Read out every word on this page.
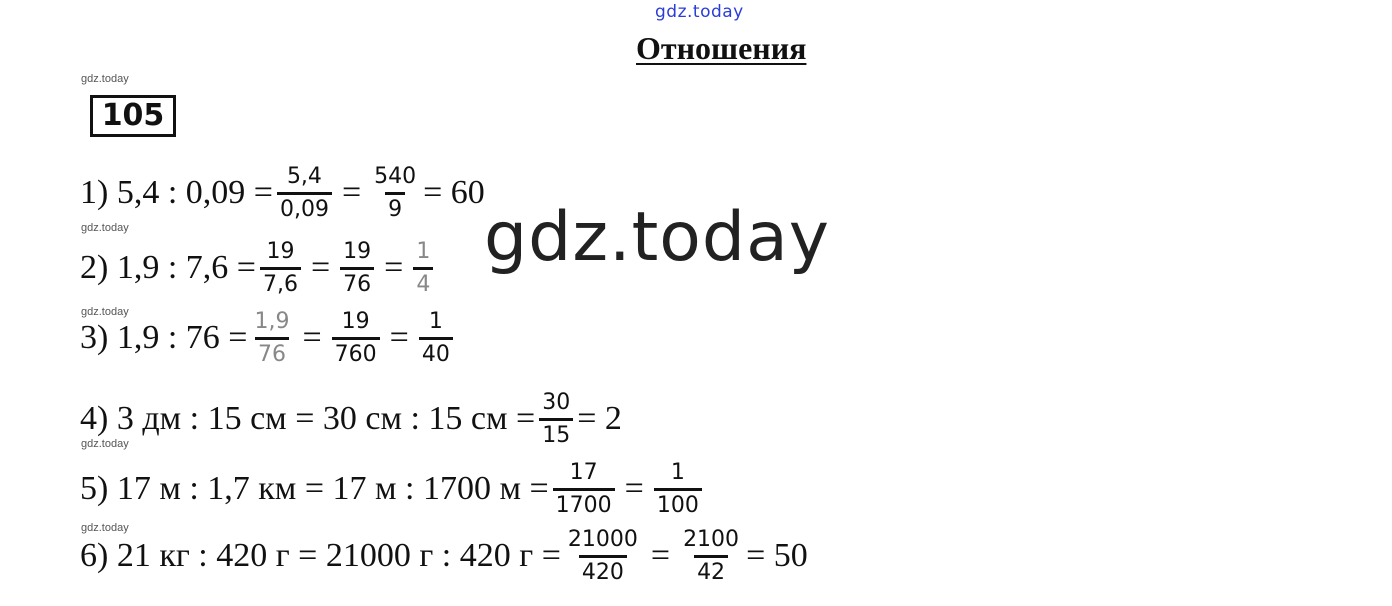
gdz.today
Отношения
gdz.today
105
1) 5,4 : $0,09 = \frac{5,4}{0,09} = \frac{540}{9} = 60$
gdz.today
2) 1,9 : $7,6 = \frac{19}{7,6} = \frac{19}{76} = \frac{1}{4}$ gdz.today
gdz.today
3) 1,9 : $76 = \frac{1,9}{76} = \frac{19}{760} = \frac{1}{40}$
4) 3 дм : 15 см = 30 см : 15 см = $\frac{30}{15} = 2$
gdz.today
5) 17 м : 1,7 км = 17 м : 1700 $м = \frac{17}{1700} = \frac{1}{100}$
gdz.today
6) 21 кг : 420 г = 21000 г : 420 $г = \frac{21000}{420} = \frac{2100}{42} = 50$
